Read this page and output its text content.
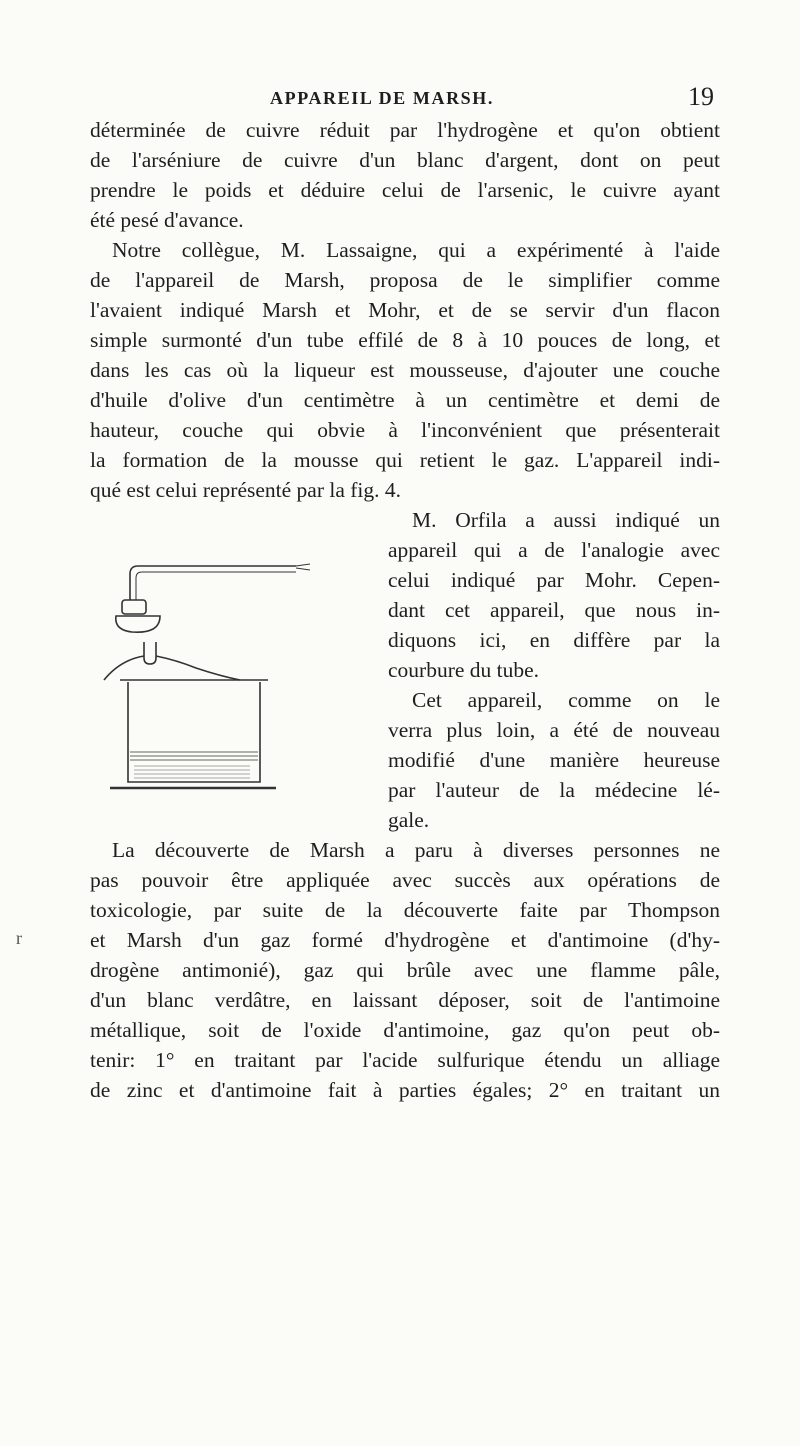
APPAREIL DE MARSH.	19
r
déterminée de cuivre réduit par l'hydrogène et qu'on obtient
de l'arséniure de cuivre d'un blanc d'argent, dont on peut
prendre le poids et déduire celui de l'arsenic, le cuivre ayant
été pesé d'avance.
Notre collègue, M. Lassaigne, qui a expérimenté à l'aide
de l'appareil de Marsh, proposa de le simplifier comme
l'avaient indiqué Marsh et Mohr, et de se servir d'un flacon
simple surmonté d'un tube effilé de 8 à 10 pouces de long, et
dans les cas où la liqueur est mousseuse, d'ajouter une couche
d'huile d'olive d'un centimètre à un centimètre et demi de
hauteur, couche qui obvie à l'inconvénient que présenterait
la formation de la mousse qui retient le gaz. L'appareil indi-
qué est celui représenté par la fig. 4.
M. Orfila a aussi indiqué un
appareil qui a de l'analogie avec
celui indiqué par Mohr. Cepen-
dant cet appareil, que nous in-
diquons ici, en diffère par la
courbure du tube.
Cet appareil, comme on le
verra plus loin, a été de nouveau
modifié d'une manière heureuse
par l'auteur de la médecine lé-
gale.
La découverte de Marsh a paru à diverses personnes ne
pas pouvoir être appliquée avec succès aux opérations de
toxicologie, par suite de la découverte faite par Thompson
et Marsh d'un gaz formé d'hydrogène et d'antimoine (d'hy-
drogène antimonié), gaz qui brûle avec une flamme pâle,
d'un blanc verdâtre, en laissant déposer, soit de l'antimoine
métallique, soit de l'oxide d'antimoine, gaz qu'on peut ob-
tenir: 1° en traitant par l'acide sulfurique étendu un alliage
de zinc et d'antimoine fait à parties égales; 2° en traitant un
